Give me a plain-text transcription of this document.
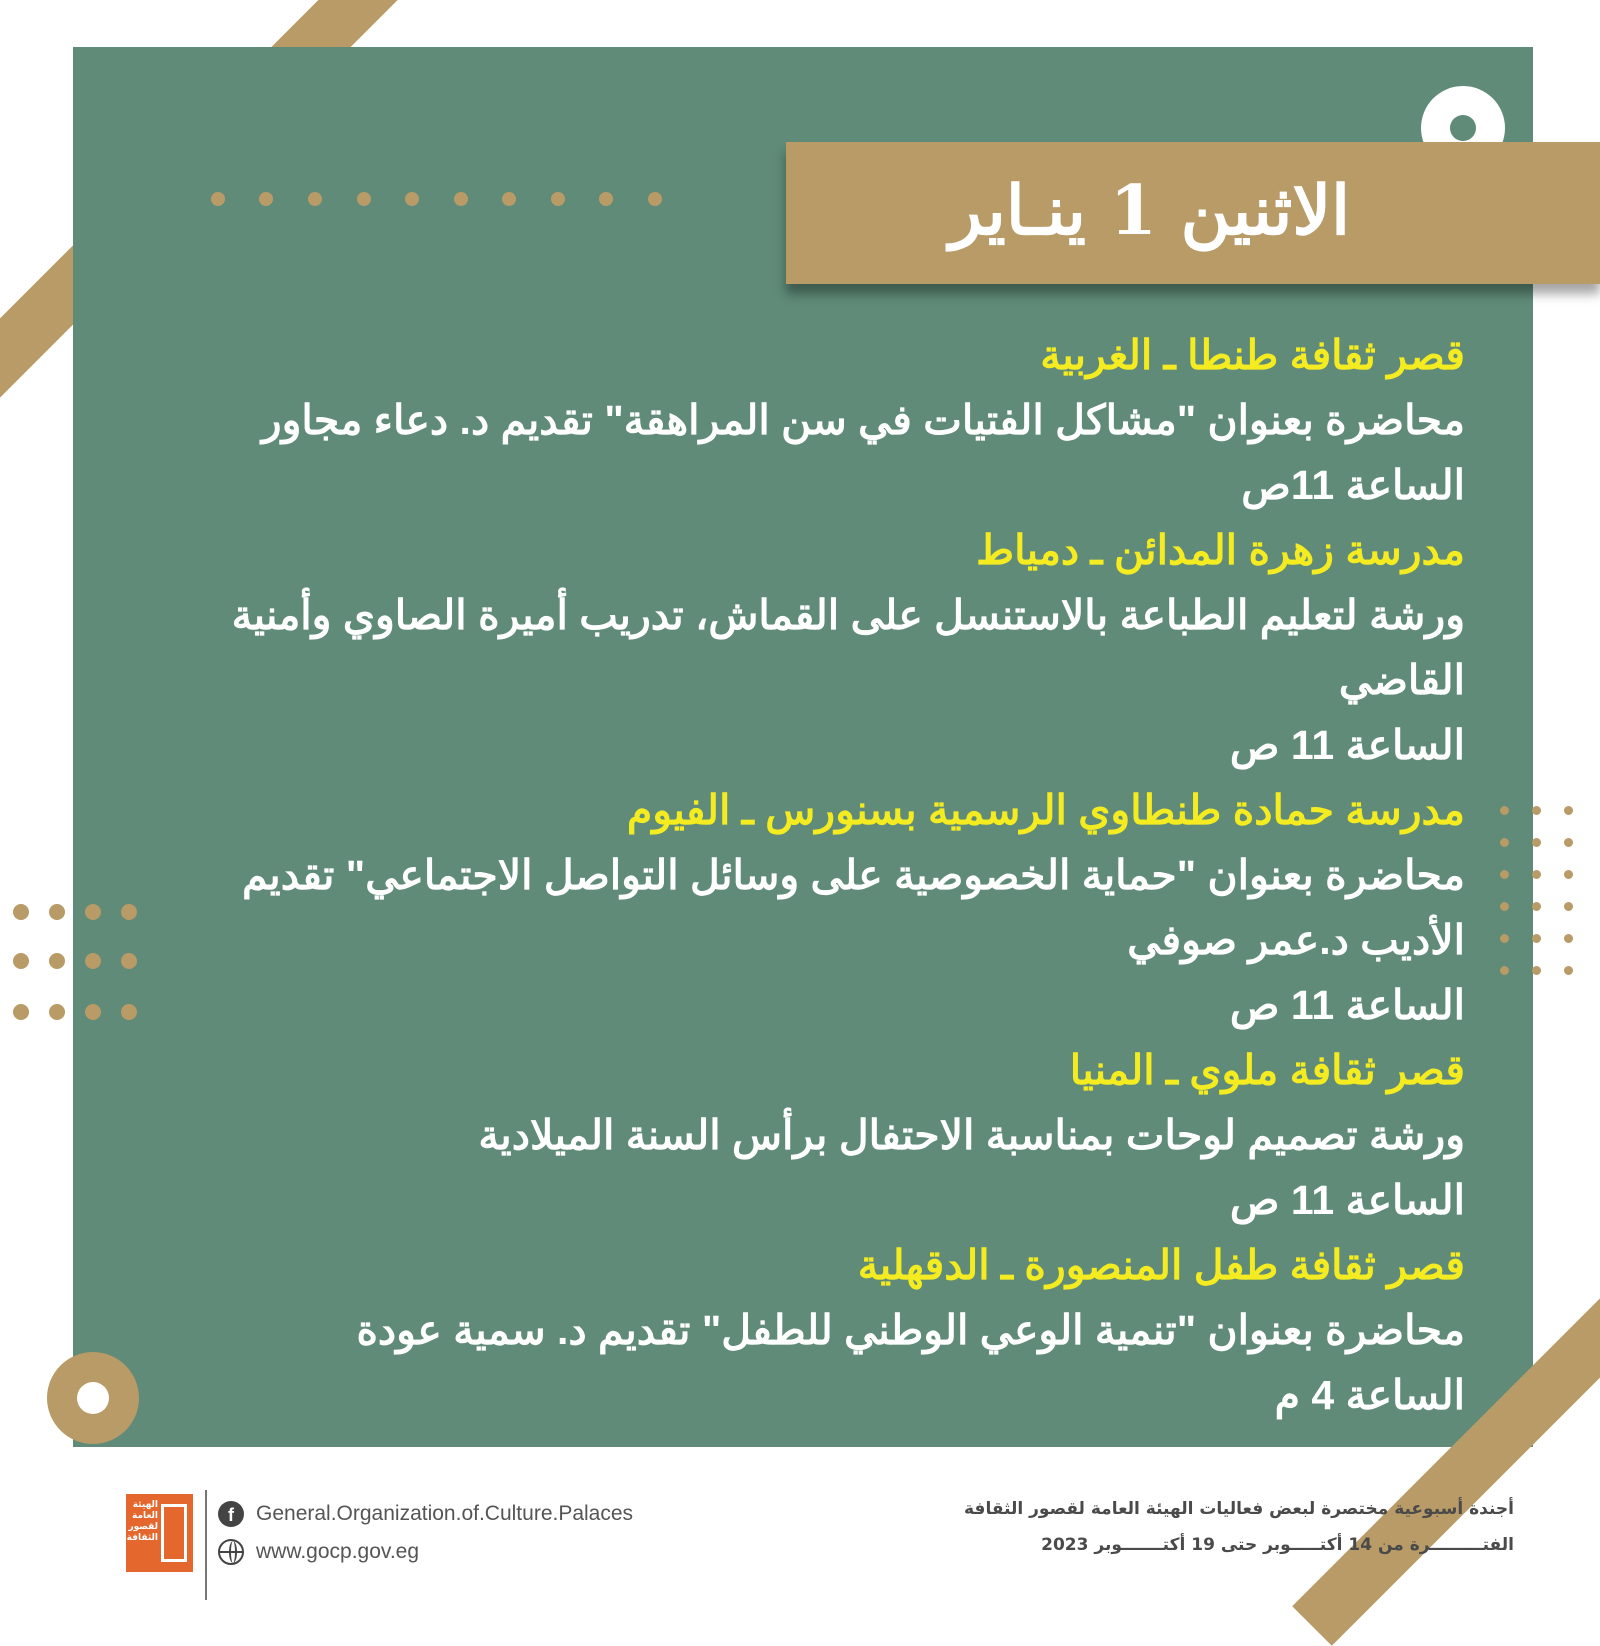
الاثنين 1 ينـاير
قصر ثقافة طنطا ـ الغربية
محاضرة بعنوان "مشاكل الفتيات في سن المراهقة" تقديم د. دعاء مجاور
الساعة 11ص
مدرسة زهرة المدائن ـ دمياط
ورشة لتعليم الطباعة بالاستنسل على القماش، تدريب أميرة الصاوي وأمنية
القاضي
الساعة 11 ص
مدرسة حمادة طنطاوي الرسمية بسنورس ـ الفيوم
محاضرة بعنوان "حماية الخصوصية على وسائل التواصل الاجتماعي" تقديم
الأديب د.عمر صوفي
الساعة 11 ص
قصر ثقافة ملوي ـ المنيا
ورشة تصميم لوحات بمناسبة الاحتفال برأس السنة الميلادية
الساعة 11 ص
قصر ثقافة طفل المنصورة ـ الدقهلية
محاضرة بعنوان "تنمية الوعي الوطني للطفل" تقديم د. سمية عودة
الساعة 4 م
الهيئة العامة لقصور الثقافة
f	General.Organization.of.Culture.Palaces
www.gocp.gov.eg
أجندة أسبوعية مختصرة لبعض فعاليات الهيئة العامة لقصور الثقافة
الفتـــــــــرة من 14 أكتـــــوبر حتى 19 أكتـــــــوبر 2023
